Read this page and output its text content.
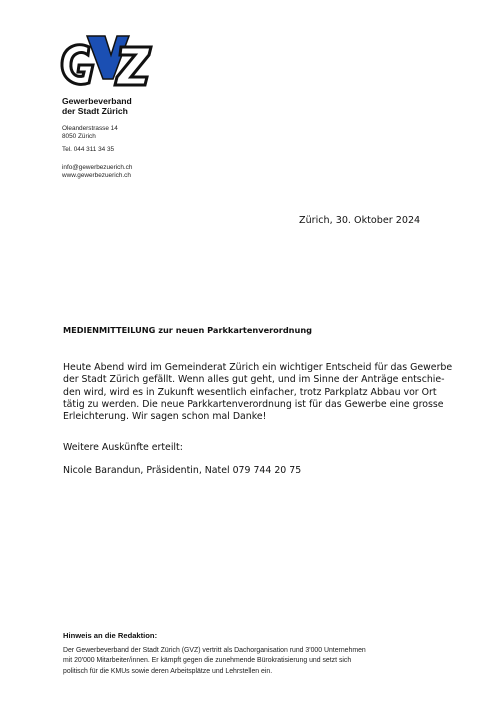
Gewerbeverband
der Stadt Zürich
Oleanderstrasse 14
8050 Zürich
Tel. 044 311 34 35
info@gewerbezuerich.ch
www.gewerbezuerich.ch
Zürich, 30. Oktober 2024
MEDIENMITTEILUNG zur neuen Parkkartenverordnung
Heute Abend wird im Gemeinderat Zürich ein wichtiger Entscheid für das Gewerbe
der Stadt Zürich gefällt. Wenn alles gut geht, und im Sinne der Anträge entschie-
den wird, wird es in Zukunft wesentlich einfacher, trotz Parkplatz Abbau vor Ort
tätig zu werden. Die neue Parkkartenverordnung ist für das Gewerbe eine grosse
Erleichterung. Wir sagen schon mal Danke!
Weitere Auskünfte erteilt:
Nicole Barandun, Präsidentin, Natel 079 744 20 75
Hinweis an die Redaktion:
Der Gewerbeverband der Stadt Zürich (GVZ) vertritt als Dachorganisation rund 3'000 Unternehmen
mit 20'000 Mitarbeiter/innen. Er kämpft gegen die zunehmende Bürokratisierung und setzt sich
politisch für die KMUs sowie deren Arbeitsplätze und Lehrstellen ein.
